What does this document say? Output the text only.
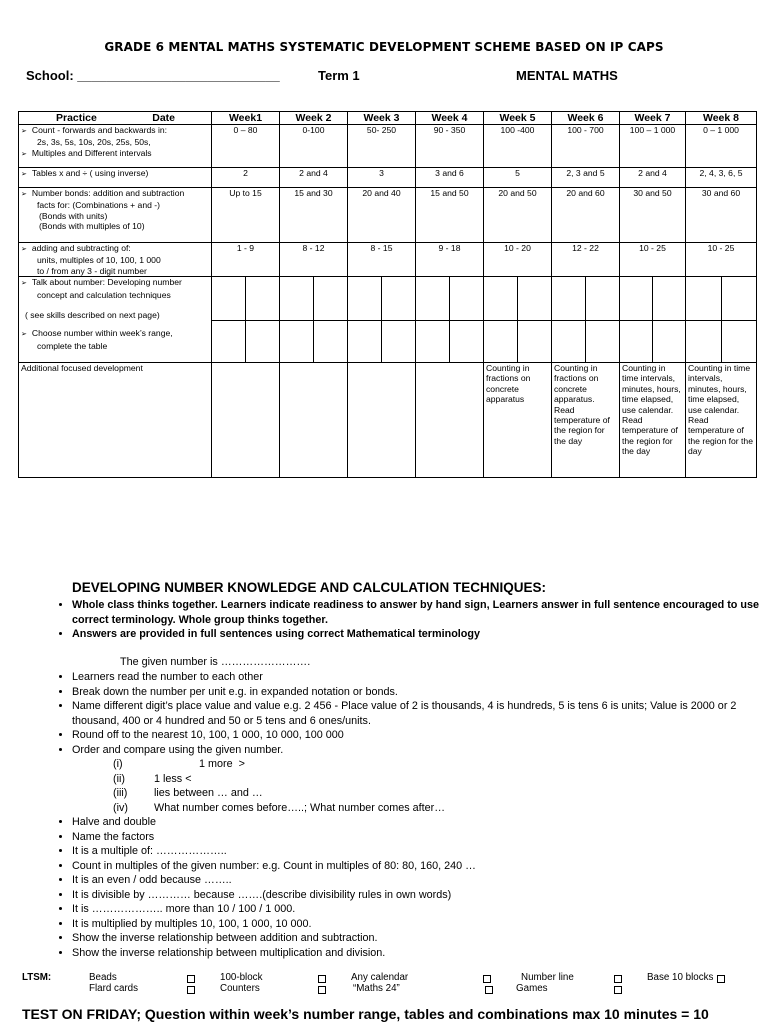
GRADE 6 MENTAL MATHS SYSTEMATIC DEVELOPMENT SCHEME BASED ON IP CAPS
School: ____________________________	Term 1	MENTAL MATHS
Practice Date	Week1		Week 2		Week 3		Week 4		Week 5		Week 6		Week 7		Week 8	

➢ Count - forwards and backwards in:
2s, 3s, 5s, 10s, 20s, 25s, 50s,
➢ Multiples and Different intervals	0 – 80		0-100		50- 250		90 - 350		100 -400		100 - 700		100 – 1 000		0 – 1 000	

➢ Tables x and ÷ ( using inverse)	2		2 and 4		3		3 and 6		5		2, 3 and 5		2 and 4		2, 4, 3, 6, 5	

➢ Number bonds: addition and subtraction
facts for: (Combinations + and -)
(Bonds with units)
(Bonds with multiples of 10)	Up to 15		15 and 30		20 and 40		15 and 50		20 and 50		20 and 60		30 and 50		30 and 60	

➢ adding and subtracting of:
units, multiples of 10, 100, 1 000
to / from any 3 - digit number	1 - 9		8 - 12		8 - 15		9 - 18		10 - 20		12 - 22		10 - 25		10 - 25	

➢ Talk about number: Developing number
concept and calculation techniques
( see skills described on next page)

➢ Choose number within week’s range,
complete the table

Additional focused development									Counting in fractions on concrete apparatus		Counting in fractions on concrete apparatus. Read temperature of the region for the day		Counting in time intervals, minutes, hours, time elapsed, use calendar. Read temperature of the region for the day		Counting in time intervals, minutes, hours, time elapsed, use calendar. Read temperature of the region for the day	
DEVELOPING NUMBER KNOWLEDGE AND CALCULATION TECHNIQUES:
• Whole class thinks together. Learners indicate readiness to answer by hand sign, Learners answer in full sentence encouraged to use correct terminology. Whole group thinks together.
• Answers are provided in full sentences using correct Mathematical terminology
The given number is …………………….
• Learners read the number to each other
• Break down the number per unit e.g. in expanded notation or bonds.
• Name different digit’s place value and value e.g. 2 456 - Place value of 2 is thousands, 4 is hundreds, 5 is tens 6 is units; Value is 2000 or 2 thousand, 400 or 4 hundred and 50 or 5 tens and 6 ones/units.
• Round off to the nearest 10, 100, 1 000, 10 000, 100 000
• Order and compare using the given number.
(i)	1 more  >
(ii)	1 less <
(iii)	lies between … and …
(iv)	What number comes before…..; What number comes after…
• Halve and double
• Name the factors
• It is a multiple of: ………………..
• Count in multiples of the given number: e.g. Count in multiples of 80: 80, 160, 240 …
• It is an even / odd because ……..
• It is divisible by ………… because …….(describe divisibility rules in own words)
• It is ……………….. more than 10 / 100 / 1 000.
• It is multiplied by multiples 10, 100, 1 000, 10 000.
• Show the inverse relationship between addition and subtraction.
• Show the inverse relationship between multiplication and division.
LTSM:	Beads	100-block	Any calendar	Number line	Base 10 blocks
Flard cards	Counters	“Maths 24”	Games
TEST ON FRIDAY; Question within week’s number range, tables and combinations max 10 minutes = 10
